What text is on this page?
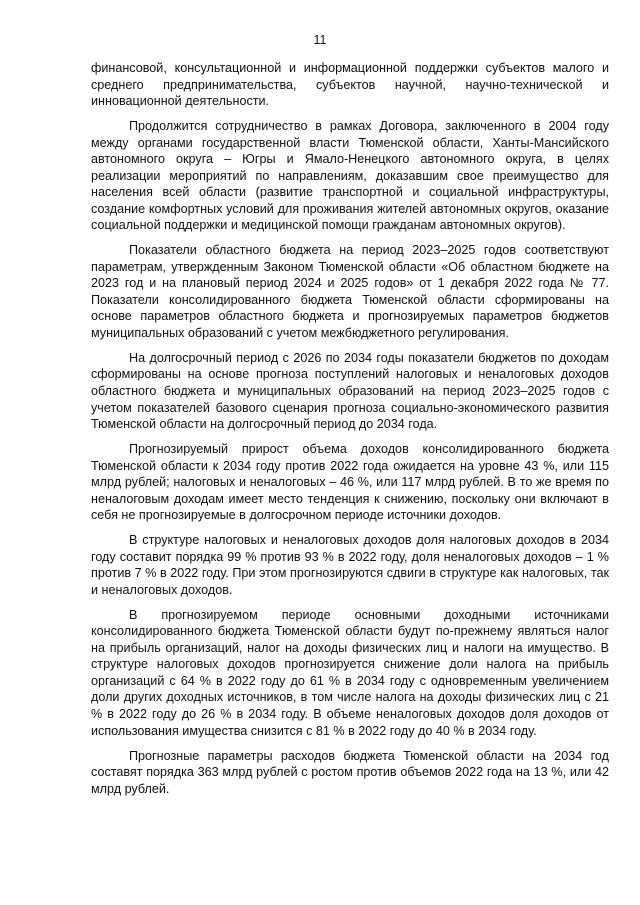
11

финансовой, консультационной и информационной поддержки субъектов малого и среднего предпринимательства, субъектов научной, научно-технической и инновационной деятельности.

Продолжится сотрудничество в рамках Договора, заключенного в 2004 году между органами государственной власти Тюменской области, Ханты-Мансийского автономного округа – Югры и Ямало-Ненецкого автономного округа, в целях реализации мероприятий по направлениям, доказавшим свое преимущество для населения всей области (развитие транспортной и социальной инфраструктуры, создание комфортных условий для проживания жителей автономных округов, оказание социальной поддержки и медицинской помощи гражданам автономных округов).

Показатели областного бюджета на период 2023–2025 годов соответствуют параметрам, утвержденным Законом Тюменской области «Об областном бюджете на 2023 год и на плановый период 2024 и 2025 годов» от 1 декабря 2022 года № 77. Показатели консолидированного бюджета Тюменской области сформированы на основе параметров областного бюджета и прогнозируемых параметров бюджетов муниципальных образований с учетом межбюджетного регулирования.

На долгосрочный период с 2026 по 2034 годы показатели бюджетов по доходам сформированы на основе прогноза поступлений налоговых и неналоговых доходов областного бюджета и муниципальных образований на период 2023–2025 годов с учетом показателей базового сценария прогноза социально-экономического развития Тюменской области на долгосрочный период до 2034 года.

Прогнозируемый прирост объема доходов консолидированного бюджета Тюменской области к 2034 году против 2022 года ожидается на уровне 43 %, или 115 млрд рублей; налоговых и неналоговых – 46 %, или 117 млрд рублей. В то же время по неналоговым доходам имеет место тенденция к снижению, поскольку они включают в себя не прогнозируемые в долгосрочном периоде источники доходов.

В структуре налоговых и неналоговых доходов доля налоговых доходов в 2034 году составит порядка 99 % против 93 % в 2022 году, доля неналоговых доходов – 1 % против 7 % в 2022 году. При этом прогнозируются сдвиги в структуре как налоговых, так и неналоговых доходов.

В прогнозируемом периоде основными доходными источниками консолидированного бюджета Тюменской области будут по-прежнему являться налог на прибыль организаций, налог на доходы физических лиц и налоги на имущество. В структуре налоговых доходов прогнозируется снижение доли налога на прибыль организаций с 64 % в 2022 году до 61 % в 2034 году с одновременным увеличением доли других доходных источников, в том числе налога на доходы физических лиц с 21 % в 2022 году до 26 % в 2034 году. В объеме неналоговых доходов доля доходов от использования имущества снизится с 81 % в 2022 году до 40 % в 2034 году.

Прогнозные параметры расходов бюджета Тюменской области на 2034 год составят порядка 363 млрд рублей с ростом против объемов 2022 года на 13 %, или 42 млрд рублей.
